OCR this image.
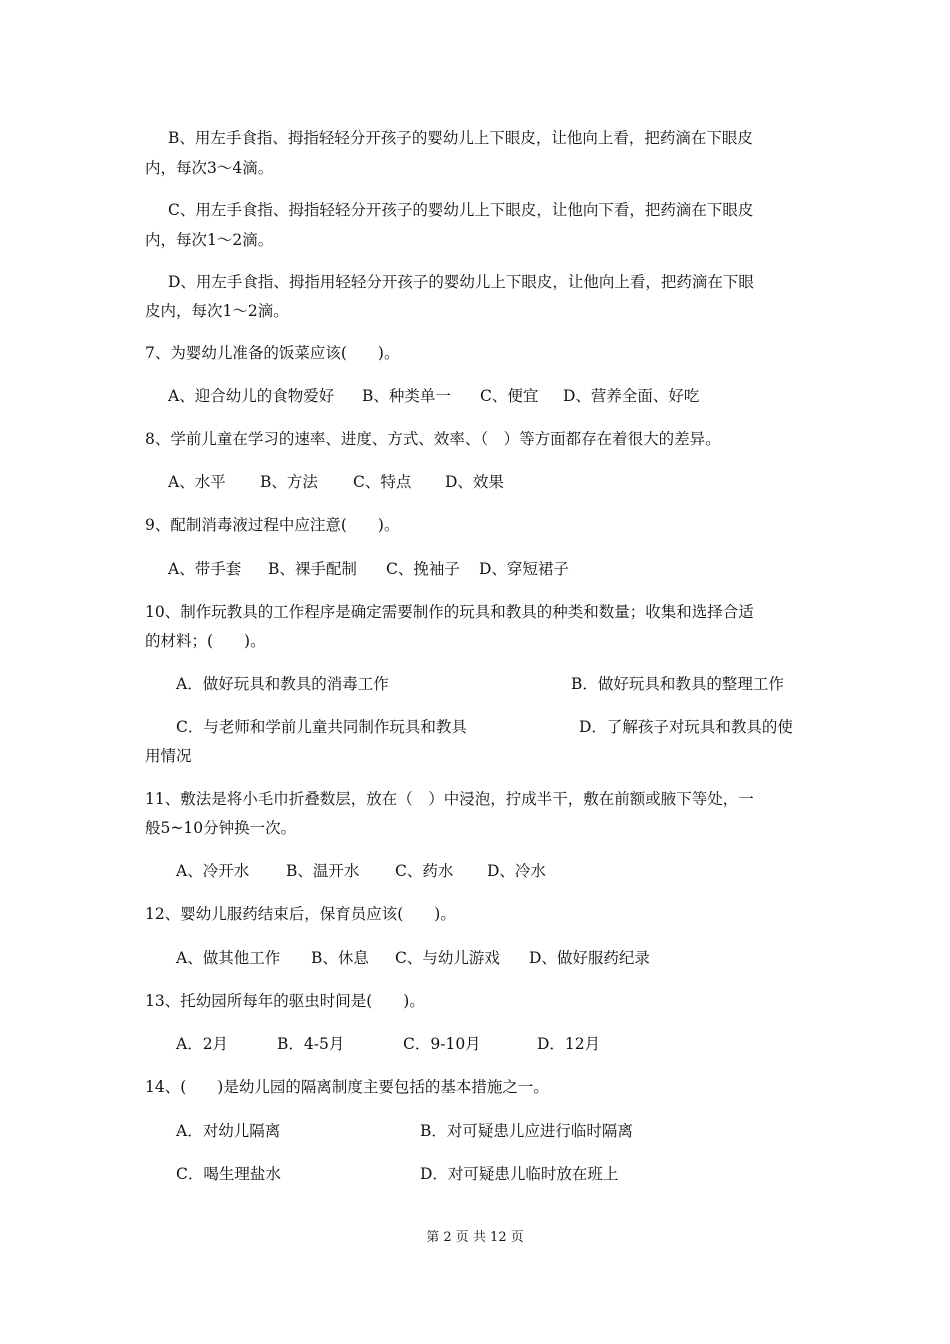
B、用左手食指、拇指轻轻分开孩子的婴幼儿上下眼皮，让他向上看，把药滴在下眼皮
内，每次3～4滴。
C、用左手食指、拇指轻轻分开孩子的婴幼儿上下眼皮，让他向下看，把药滴在下眼皮
内，每次1～2滴。
D、用左手食指、拇指用轻轻分开孩子的婴幼儿上下眼皮，让他向上看，把药滴在下眼
皮内，每次1～2滴。
7、为婴幼儿准备的饭菜应该(　　)。
A、迎合幼儿的食物爱好 B、种类单一 C、便宜 D、营养全面、好吃
8、学前儿童在学习的速率、进度、方式、效率、（　）等方面都存在着很大的差异。
A、水平 B、方法 C、特点 D、效果
9、配制消毒液过程中应注意(　　)。
A、带手套 B、裸手配制 C、挽袖子 D、穿短裙子
10、制作玩教具的工作程序是确定需要制作的玩具和教具的种类和数量；收集和选择合适
的材料；(　　)。
A．做好玩具和教具的消毒工作	B．做好玩具和教具的整理工作
C．与老师和学前儿童共同制作玩具和教具	D．了解孩子对玩具和教具的使
用情况
11、敷法是将小毛巾折叠数层，放在（　）中浸泡，拧成半干，敷在前额或腋下等处，一
般5~10分钟换一次。
A、冷开水 B、温开水 C、药水 D、冷水
12、婴幼儿服药结束后，保育员应该(　　)。
A、做其他工作 B、休息 C、与幼儿游戏 D、做好服药纪录
13、托幼园所每年的驱虫时间是(　　)。
A．2月	B．4-5月	C．9-10月	D．12月
14、(　　)是幼儿园的隔离制度主要包括的基本措施之一。
A．对幼儿隔离	B．对可疑患儿应进行临时隔离
C．喝生理盐水	D．对可疑患儿临时放在班上
第 2 页 共 12 页
